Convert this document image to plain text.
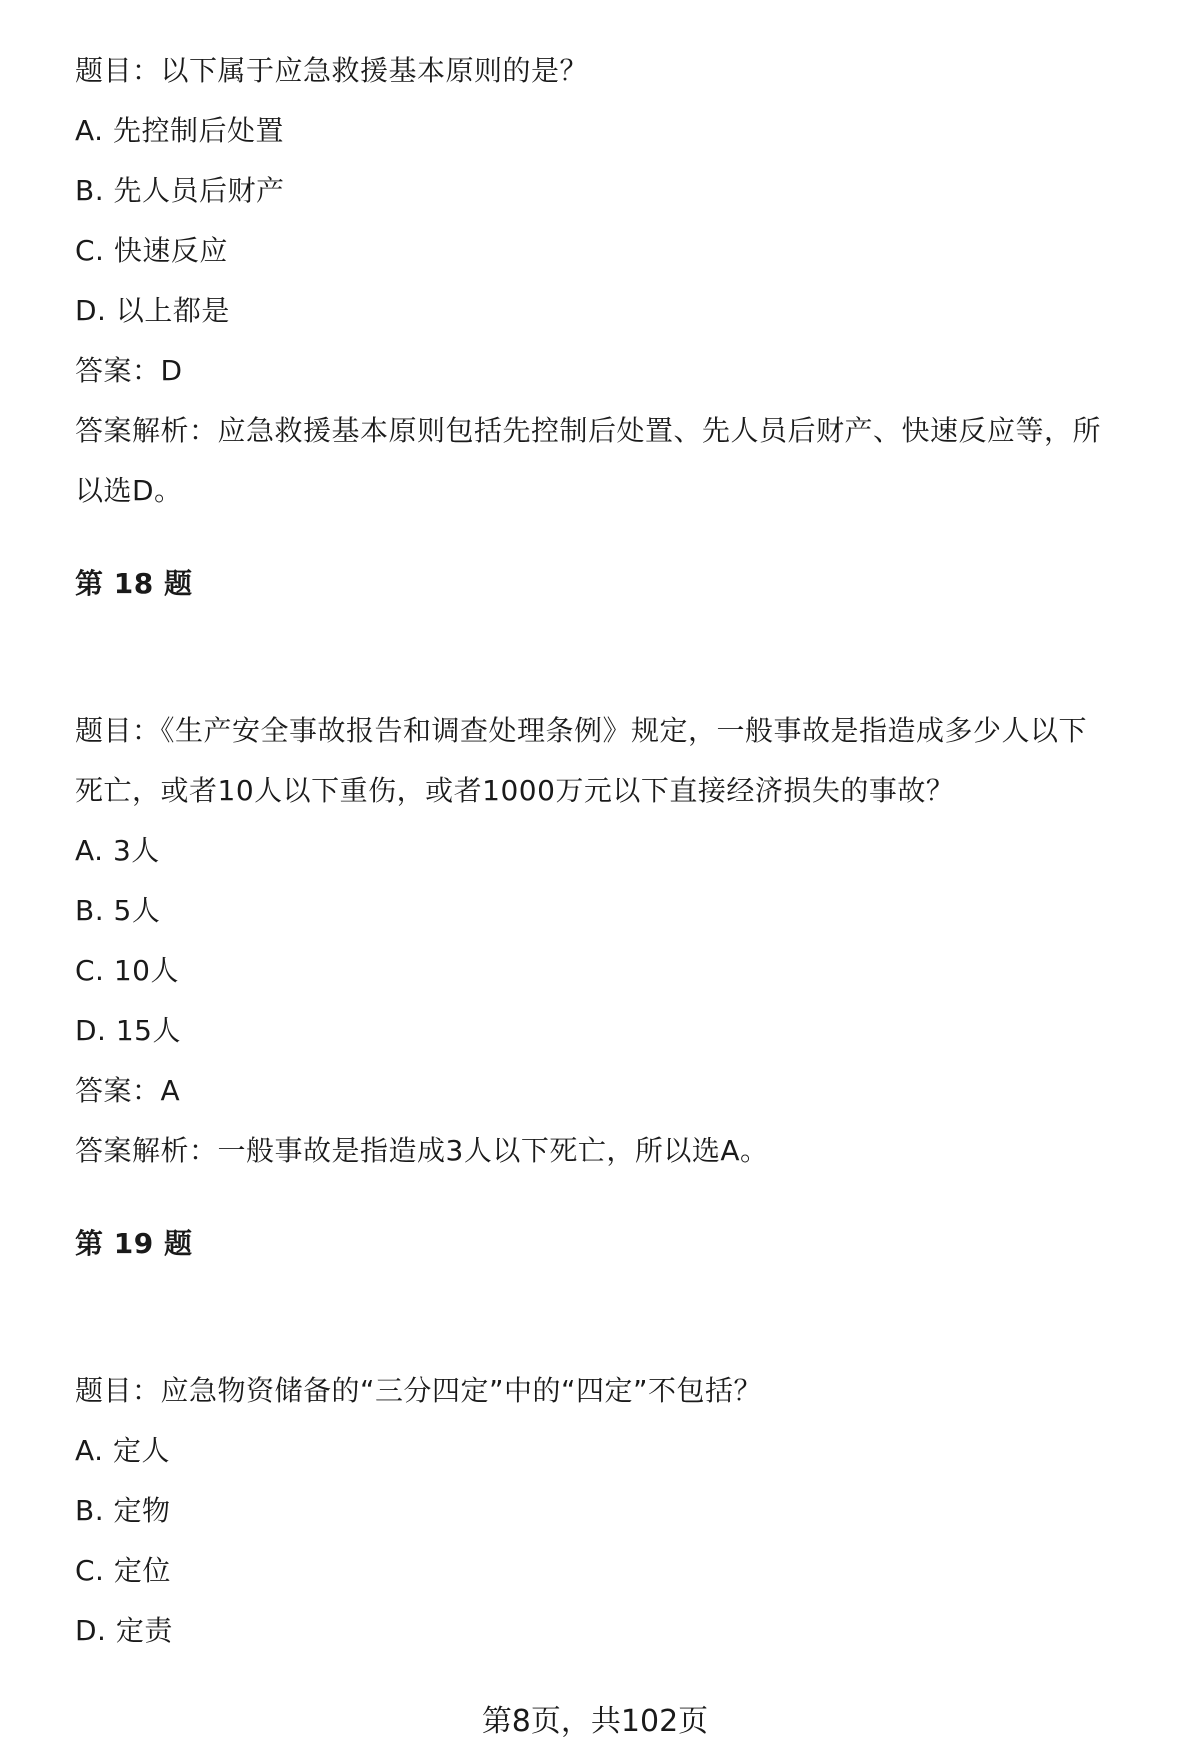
题目：以下属于应急救援基本原则的是？
A. 先控制后处置
B. 先人员后财产
C. 快速反应
D. 以上都是
答案：D
答案解析：应急救援基本原则包括先控制后处置、先人员后财产、快速反应等，所
以选D。
第 18 题
题目：《生产安全事故报告和调查处理条例》规定，一般事故是指造成多少人以下
死亡，或者10人以下重伤，或者1000万元以下直接经济损失的事故？
A. 3人
B. 5人
C. 10人
D. 15人
答案：A
答案解析：一般事故是指造成3人以下死亡，所以选A。
第 19 题
题目：应急物资储备的“三分四定”中的“四定”不包括？
A. 定人
B. 定物
C. 定位
D. 定责
第8页，共102页
